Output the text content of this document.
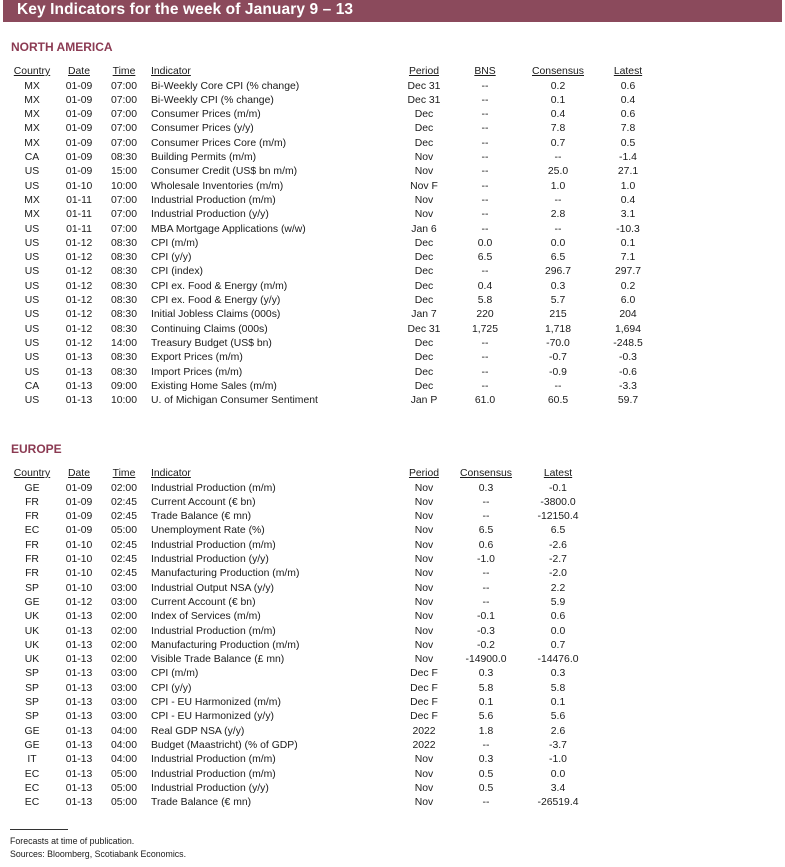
Key Indicators for the week of January 9 – 13
NORTH AMERICA
Country Date Time Indicator	Period	BNS	Consensus	Latest
MX 01-09 07:00 Bi-Weekly Core CPI (% change)	Dec 31	--	0.2	0.6
MX 01-09 07:00 Bi-Weekly CPI (% change)	Dec 31	--	0.1	0.4
MX 01-09 07:00 Consumer Prices (m/m)	Dec	--	0.4	0.6
MX 01-09 07:00 Consumer Prices (y/y)	Dec	--	7.8	7.8
MX 01-09 07:00 Consumer Prices Core (m/m)	Dec	--	0.7	0.5
CA	01-09 08:30 Building Permits (m/m)	Nov	--	--	-1.4
US	01-09 15:00 Consumer Credit (US$ bn m/m)	Nov	--	25.0	27.1
US	01-10 10:00 Wholesale Inventories (m/m)	Nov F	--	1.0	1.0
MX	01-11 07:00 Industrial Production (m/m)	Nov	--	--	0.4
MX	01-11 07:00 Industrial Production (y/y)	Nov	--	2.8	3.1
US	01-11 07:00 MBA Mortgage Applications (w/w)	Jan 6	--	--	-10.3
US	01-12 08:30 CPI (m/m)	Dec	0.0	0.0	0.1
US	01-12 08:30 CPI (y/y)	Dec	6.5	6.5	7.1
US	01-12 08:30 CPI (index)	Dec	--	296.7	297.7
US	01-12 08:30 CPI ex. Food & Energy (m/m)	Dec	0.4	0.3	0.2
US	01-12 08:30 CPI ex. Food & Energy (y/y)	Dec	5.8	5.7	6.0
US	01-12 08:30 Initial Jobless Claims (000s)	Jan 7	220	215	204
US	01-12 08:30 Continuing Claims (000s)	Dec 31	1,725	1,718	1,694
US	01-12 14:00 Treasury Budget (US$ bn)	Dec	--	-70.0	-248.5
US	01-13 08:30 Export Prices (m/m)	Dec	--	-0.7	-0.3
US	01-13 08:30 Import Prices (m/m)	Dec	--	-0.9	-0.6
CA	01-13 09:00 Existing Home Sales (m/m)	Dec	--	--	-3.3
US	01-13 10:00 U. of Michigan Consumer Sentiment	Jan P	61.0	60.5	59.7
EUROPE
Country Date Time Indicator	Period Consensus	Latest
GE	01-09 02:00 Industrial Production (m/m)	Nov	0.3	-0.1
FR	01-09 02:45 Current Account (€ bn)	Nov	--	-3800.0
FR	01-09 02:45 Trade Balance (€ mn)	Nov	--	-12150.4
EC	01-09 05:00 Unemployment Rate (%)	Nov	6.5	6.5
FR	01-10 02:45 Industrial Production (m/m)	Nov	0.6	-2.6
FR	01-10 02:45 Industrial Production (y/y)	Nov	-1.0	-2.7
FR	01-10 02:45 Manufacturing Production (m/m)	Nov	--	-2.0
SP	01-10 03:00 Industrial Output NSA (y/y)	Nov	--	2.2
GE	01-12 03:00 Current Account (€ bn)	Nov	--	5.9
UK	01-13 02:00 Index of Services (m/m)	Nov	-0.1	0.6
UK	01-13 02:00 Industrial Production (m/m)	Nov	-0.3	0.0
UK	01-13 02:00 Manufacturing Production (m/m)	Nov	-0.2	0.7
UK	01-13 02:00 Visible Trade Balance (£ mn)	Nov	-14900.0	-14476.0
SP	01-13 03:00 CPI (m/m)	Dec F	0.3	0.3
SP	01-13 03:00 CPI (y/y)	Dec F	5.8	5.8
SP	01-13 03:00 CPI - EU Harmonized (m/m)	Dec F	0.1	0.1
SP	01-13 03:00 CPI - EU Harmonized (y/y)	Dec F	5.6	5.6
GE	01-13 04:00 Real GDP NSA (y/y)	2022	1.8	2.6
GE	01-13 04:00 Budget (Maastricht) (% of GDP)	2022	--	-3.7
IT	01-13 04:00 Industrial Production (m/m)	Nov	0.3	-1.0
EC	01-13 05:00 Industrial Production (m/m)	Nov	0.5	0.0
EC	01-13 05:00 Industrial Production (y/y)	Nov	0.5	3.4
EC	01-13 05:00 Trade Balance (€ mn)	Nov	--	-26519.4
Forecasts at time of publication.
Sources: Bloomberg, Scotiabank Economics.
